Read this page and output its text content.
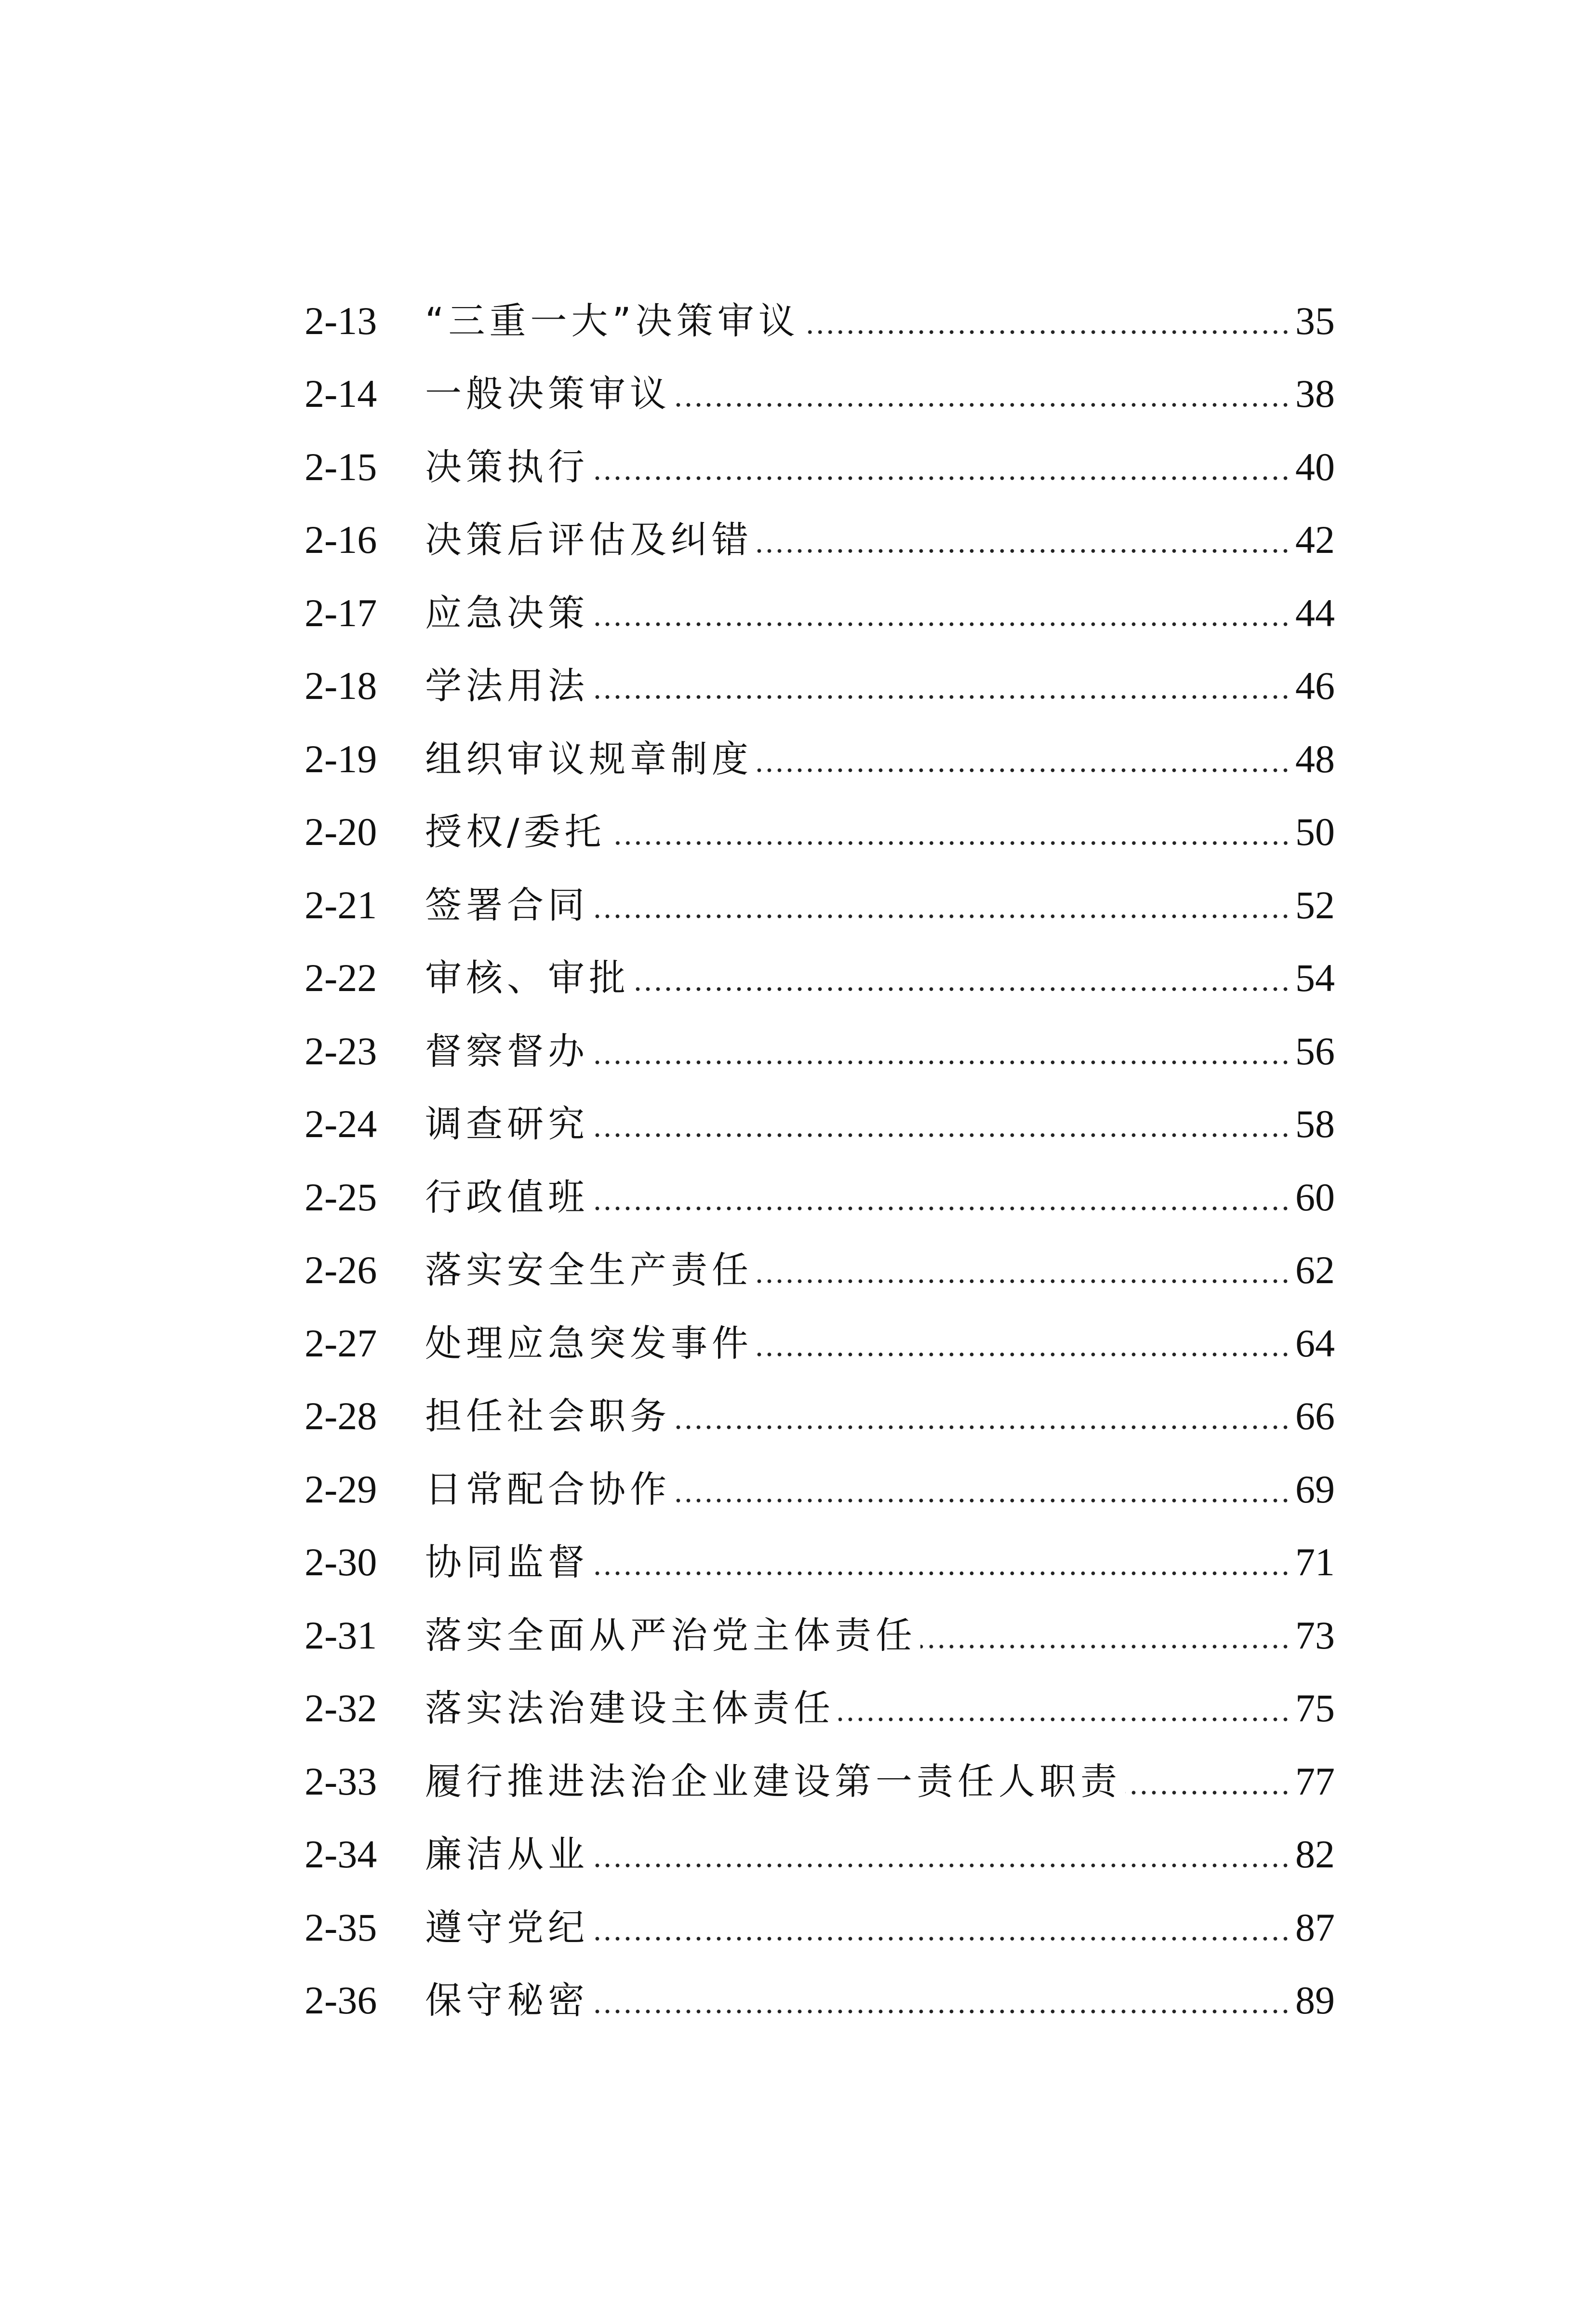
2-13	“三重一大”决策审议	35
2-14	一般决策审议	38
2-15	决策执行	40
2-16	决策后评估及纠错	42
2-17	应急决策	44
2-18	学法用法	46
2-19	组织审议规章制度	48
2-20	授权/委托	50
2-21	签署合同	52
2-22	审核、审批	54
2-23	督察督办	56
2-24	调查研究	58
2-25	行政值班	60
2-26	落实安全生产责任	62
2-27	处理应急突发事件	64
2-28	担任社会职务	66
2-29	日常配合协作	69
2-30	协同监督	71
2-31	落实全面从严治党主体责任	73
2-32	落实法治建设主体责任	75
2-33	履行推进法治企业建设第一责任人职责	77
2-34	廉洁从业	82
2-35	遵守党纪	87
2-36	保守秘密	89
